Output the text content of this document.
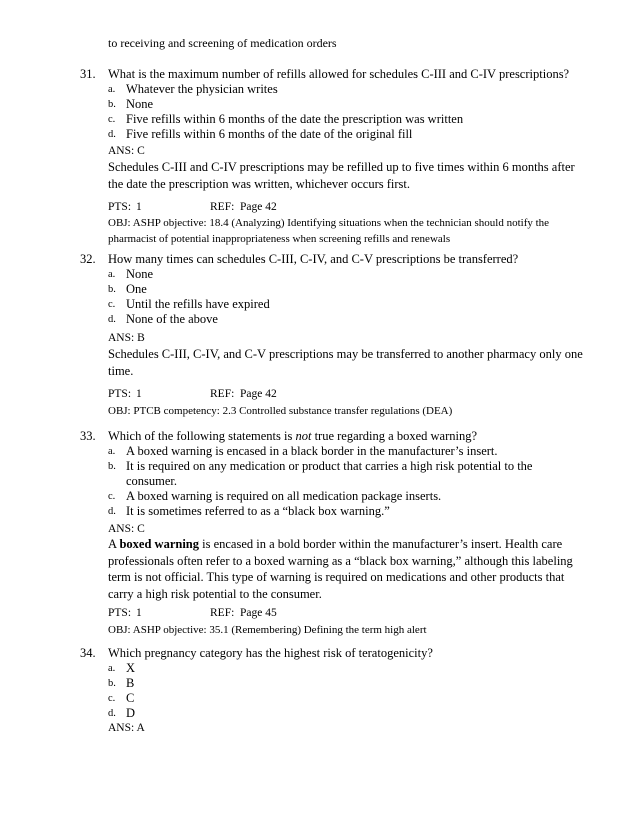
to receiving and screening of medication orders
31. What is the maximum number of refills allowed for schedules C-III and C-IV prescriptions?
a. Whatever the physician writes
b. None
c. Five refills within 6 months of the date the prescription was written
d. Five refills within 6 months of the date of the original fill
ANS: C
Schedules C-III and C-IV prescriptions may be refilled up to five times within 6 months after the date the prescription was written, whichever occurs first.
PTS: 1	REF: Page 42
OBJ: ASHP objective: 18.4 (Analyzing) Identifying situations when the technician should notify the pharmacist of potential inappropriateness when screening refills and renewals
32. How many times can schedules C-III, C-IV, and C-V prescriptions be transferred?
a. None
b. One
c. Until the refills have expired
d. None of the above
ANS: B
Schedules C-III, C-IV, and C-V prescriptions may be transferred to another pharmacy only one time.
PTS: 1	REF: Page 42
OBJ: PTCB competency: 2.3 Controlled substance transfer regulations (DEA)
33. Which of the following statements is not true regarding a boxed warning?
a. A boxed warning is encased in a black border in the manufacturer’s insert.
b. It is required on any medication or product that carries a high risk potential to the consumer.
c. A boxed warning is required on all medication package inserts.
d. It is sometimes referred to as a “black box warning.”
ANS: C
A boxed warning is encased in a bold border within the manufacturer’s insert. Health care professionals often refer to a boxed warning as a “black box warning,” although this labeling term is not official. This type of warning is required on medications and other products that carry a high risk potential to the consumer.
PTS: 1	REF: Page 45
OBJ: ASHP objective: 35.1 (Remembering) Defining the term high alert
34. Which pregnancy category has the highest risk of teratogenicity?
a. X
b. B
c. C
d. D
ANS: A
